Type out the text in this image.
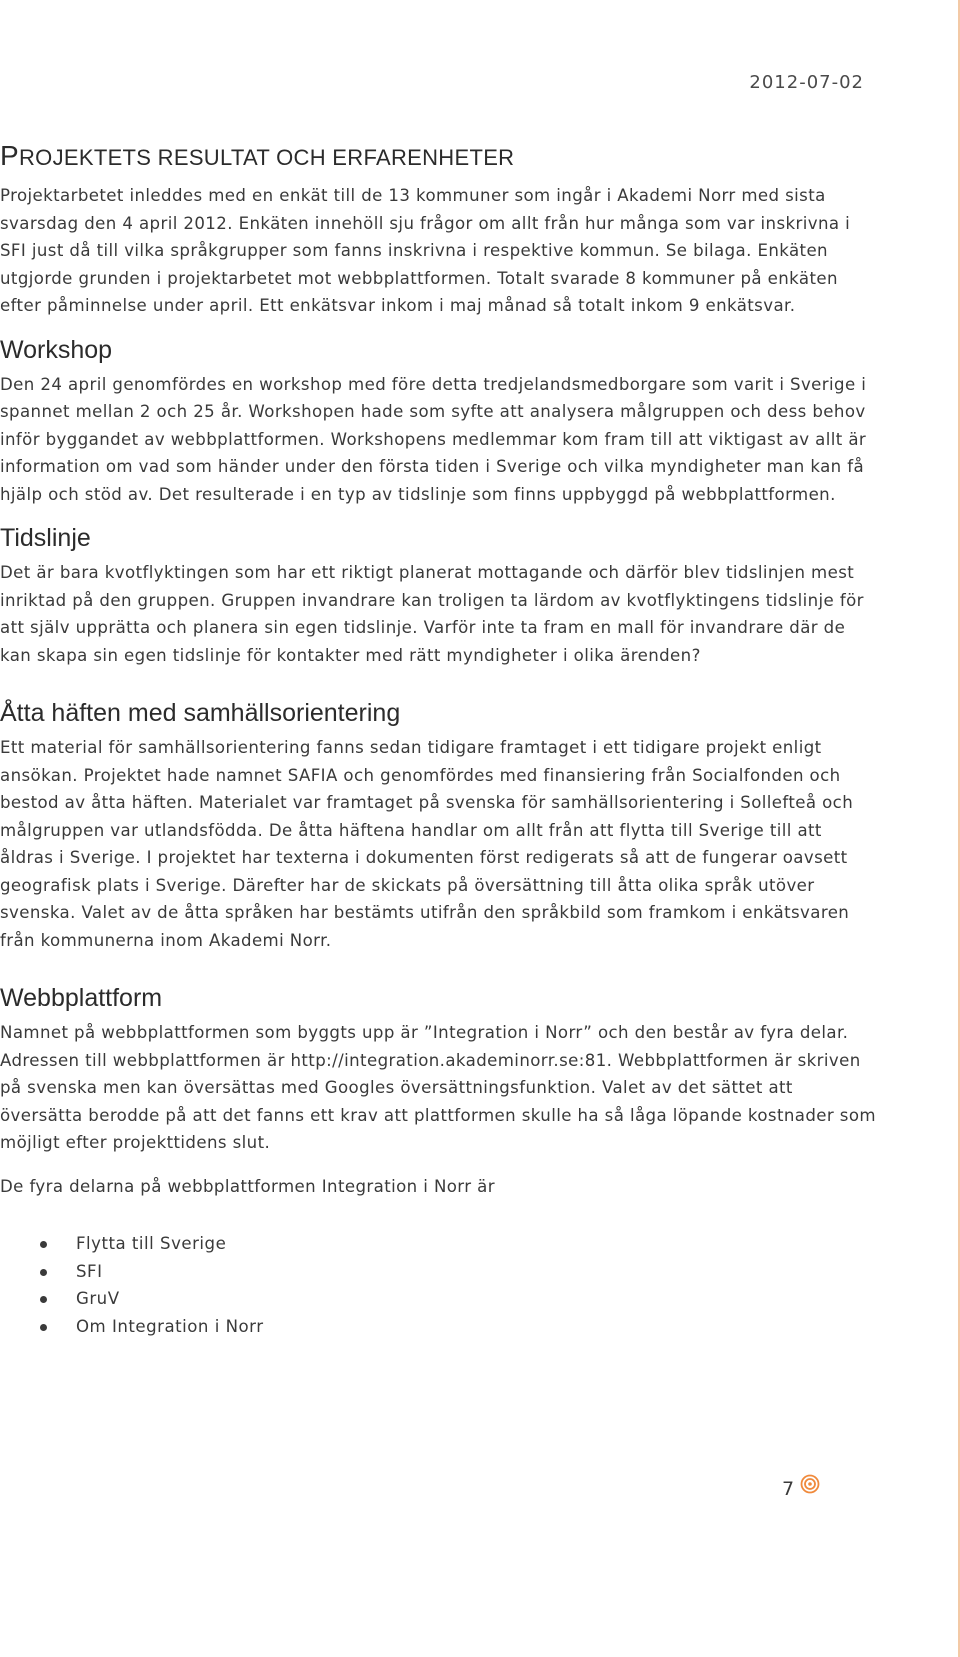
2012-07-02
PROJEKTETS RESULTAT OCH ERFARENHETER

Projektarbetet inleddes med en enkät till de 13 kommuner som ingår i Akademi Norr med sista svarsdag den 4 april 2012. Enkäten innehöll sju frågor om allt från hur många som var inskrivna i SFI just då till vilka språkgrupper som fanns inskrivna i respektive kommun. Se bilaga. Enkäten utgjorde grunden i projektarbetet mot webbplattformen. Totalt svarade 8 kommuner på enkäten efter påminnelse under april. Ett enkätsvar inkom i maj månad så totalt inkom 9 enkätsvar.

Workshop

Den 24 april genomfördes en workshop med före detta tredjelandsmedborgare som varit i Sverige i spannet mellan 2 och 25 år. Workshopen hade som syfte att analysera målgruppen och dess behov inför byggandet av webbplattformen. Workshopens medlemmar kom fram till att viktigast av allt är information om vad som händer under den första tiden i Sverige och vilka myndigheter man kan få hjälp och stöd av. Det resulterade i en typ av tidslinje som finns uppbyggd på webbplattformen.

Tidslinje

Det är bara kvotflyktingen som har ett riktigt planerat mottagande och därför blev tidslinjen mest inriktad på den gruppen. Gruppen invandrare kan troligen ta lärdom av kvotflyktingens tidslinje för att själv upprätta och planera sin egen tidslinje. Varför inte ta fram en mall för invandrare där de kan skapa sin egen tidslinje för kontakter med rätt myndigheter i olika ärenden?

Åtta häften med samhällsorientering

Ett material för samhällsorientering fanns sedan tidigare framtaget i ett tidigare projekt enligt ansökan. Projektet hade namnet SAFIA och genomfördes med finansiering från Socialfonden och bestod av åtta häften. Materialet var framtaget på svenska för samhällsorientering i Sollefteå och målgruppen var utlandsfödda. De åtta häftena handlar om allt från att flytta till Sverige till att åldras i Sverige. I projektet har texterna i dokumenten först redigerats så att de fungerar oavsett geografisk plats i Sverige. Därefter har de skickats på översättning till åtta olika språk utöver svenska. Valet av de åtta språken har bestämts utifrån den språkbild som framkom i enkätsvaren från kommunerna inom Akademi Norr.

Webbplattform

Namnet på webbplattformen som byggts upp är ”Integration i Norr” och den består av fyra delar. Adressen till webbplattformen är http://integration.akademinorr.se:81. Webbplattformen är skriven på svenska men kan översättas med Googles översättningsfunktion. Valet av det sättet att översätta berodde på att det fanns ett krav att plattformen skulle ha så låga löpande kostnader som möjligt efter projekttidens slut.

De fyra delarna på webbplattformen Integration i Norr är

Flytta till Sverige
SFI
GruV
Om Integration i Norr
7
